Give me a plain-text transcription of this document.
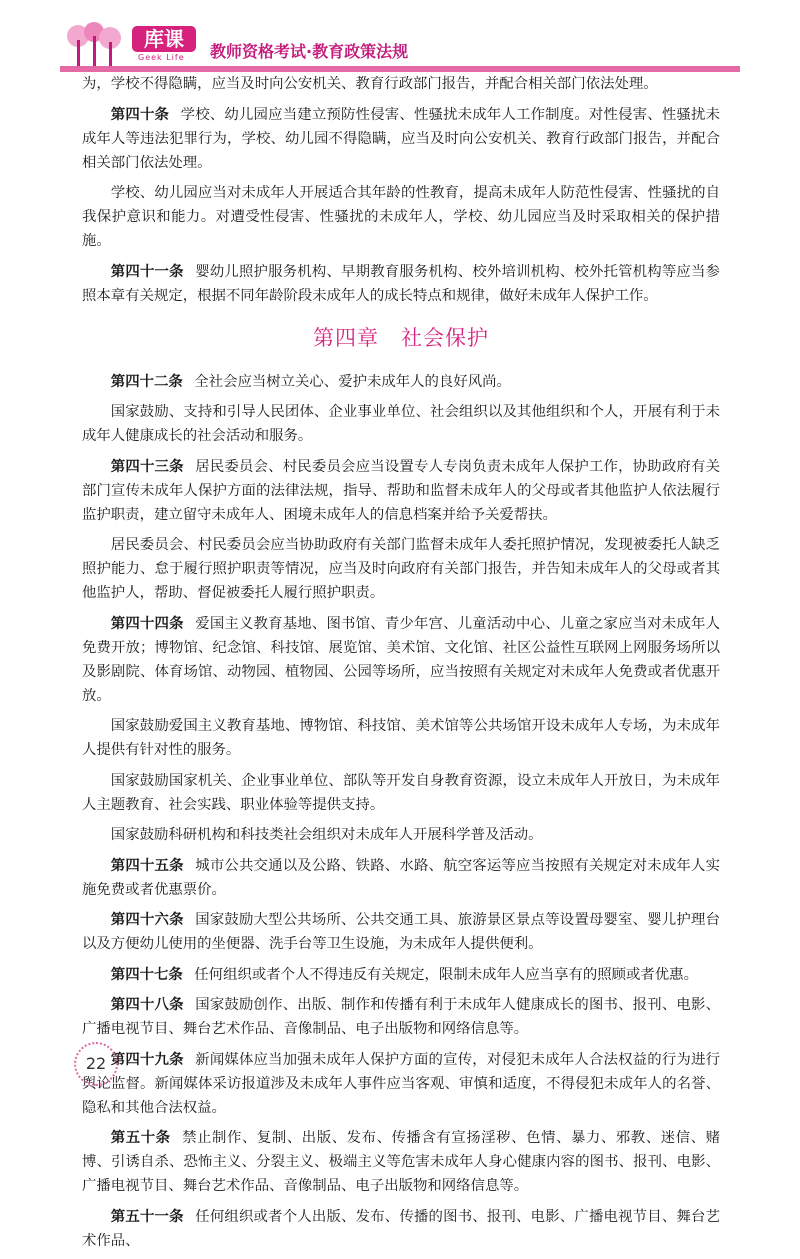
库课
Geek Life 教师资格考试·教育政策法规

为，学校不得隐瞒，应当及时向公安机关、教育行政部门报告，并配合相关部门依法处理。

第四十条 学校、幼儿园应当建立预防性侵害、性骚扰未成年人工作制度。对性侵害、性骚扰未成年人等违法犯罪行为，学校、幼儿园不得隐瞒，应当及时向公安机关、教育行政部门报告，并配合相关部门依法处理。

学校、幼儿园应当对未成年人开展适合其年龄的性教育，提高未成年人防范性侵害、性骚扰的自我保护意识和能力。对遭受性侵害、性骚扰的未成年人，学校、幼儿园应当及时采取相关的保护措施。

第四十一条 婴幼儿照护服务机构、早期教育服务机构、校外培训机构、校外托管机构等应当参照本章有关规定，根据不同年龄阶段未成年人的成长特点和规律，做好未成年人保护工作。

第四章　社会保护

第四十二条 全社会应当树立关心、爱护未成年人的良好风尚。

国家鼓励、支持和引导人民团体、企业事业单位、社会组织以及其他组织和个人，开展有利于未成年人健康成长的社会活动和服务。

第四十三条 居民委员会、村民委员会应当设置专人专岗负责未成年人保护工作，协助政府有关部门宣传未成年人保护方面的法律法规，指导、帮助和监督未成年人的父母或者其他监护人依法履行监护职责，建立留守未成年人、困境未成年人的信息档案并给予关爱帮扶。

居民委员会、村民委员会应当协助政府有关部门监督未成年人委托照护情况，发现被委托人缺乏照护能力、怠于履行照护职责等情况，应当及时向政府有关部门报告，并告知未成年人的父母或者其他监护人，帮助、督促被委托人履行照护职责。

第四十四条 爱国主义教育基地、图书馆、青少年宫、儿童活动中心、儿童之家应当对未成年人免费开放；博物馆、纪念馆、科技馆、展览馆、美术馆、文化馆、社区公益性互联网上网服务场所以及影剧院、体育场馆、动物园、植物园、公园等场所，应当按照有关规定对未成年人免费或者优惠开放。

国家鼓励爱国主义教育基地、博物馆、科技馆、美术馆等公共场馆开设未成年人专场，为未成年人提供有针对性的服务。

国家鼓励国家机关、企业事业单位、部队等开发自身教育资源，设立未成年人开放日，为未成年人主题教育、社会实践、职业体验等提供支持。

国家鼓励科研机构和科技类社会组织对未成年人开展科学普及活动。

第四十五条 城市公共交通以及公路、铁路、水路、航空客运等应当按照有关规定对未成年人实施免费或者优惠票价。

第四十六条 国家鼓励大型公共场所、公共交通工具、旅游景区景点等设置母婴室、婴儿护理台以及方便幼儿使用的坐便器、洗手台等卫生设施，为未成年人提供便利。

第四十七条 任何组织或者个人不得违反有关规定，限制未成年人应当享有的照顾或者优惠。

第四十八条 国家鼓励创作、出版、制作和传播有利于未成年人健康成长的图书、报刊、电影、广播电视节目、舞台艺术作品、音像制品、电子出版物和网络信息等。

第四十九条 新闻媒体应当加强未成年人保护方面的宣传，对侵犯未成年人合法权益的行为进行舆论监督。新闻媒体采访报道涉及未成年人事件应当客观、审慎和适度，不得侵犯未成年人的名誉、隐私和其他合法权益。

第五十条 禁止制作、复制、出版、发布、传播含有宣扬淫秽、色情、暴力、邪教、迷信、赌博、引诱自杀、恐怖主义、分裂主义、极端主义等危害未成年人身心健康内容的图书、报刊、电影、广播电视节目、舞台艺术作品、音像制品、电子出版物和网络信息等。

第五十一条 任何组织或者个人出版、发布、传播的图书、报刊、电影、广播电视节目、舞台艺术作品、

22
